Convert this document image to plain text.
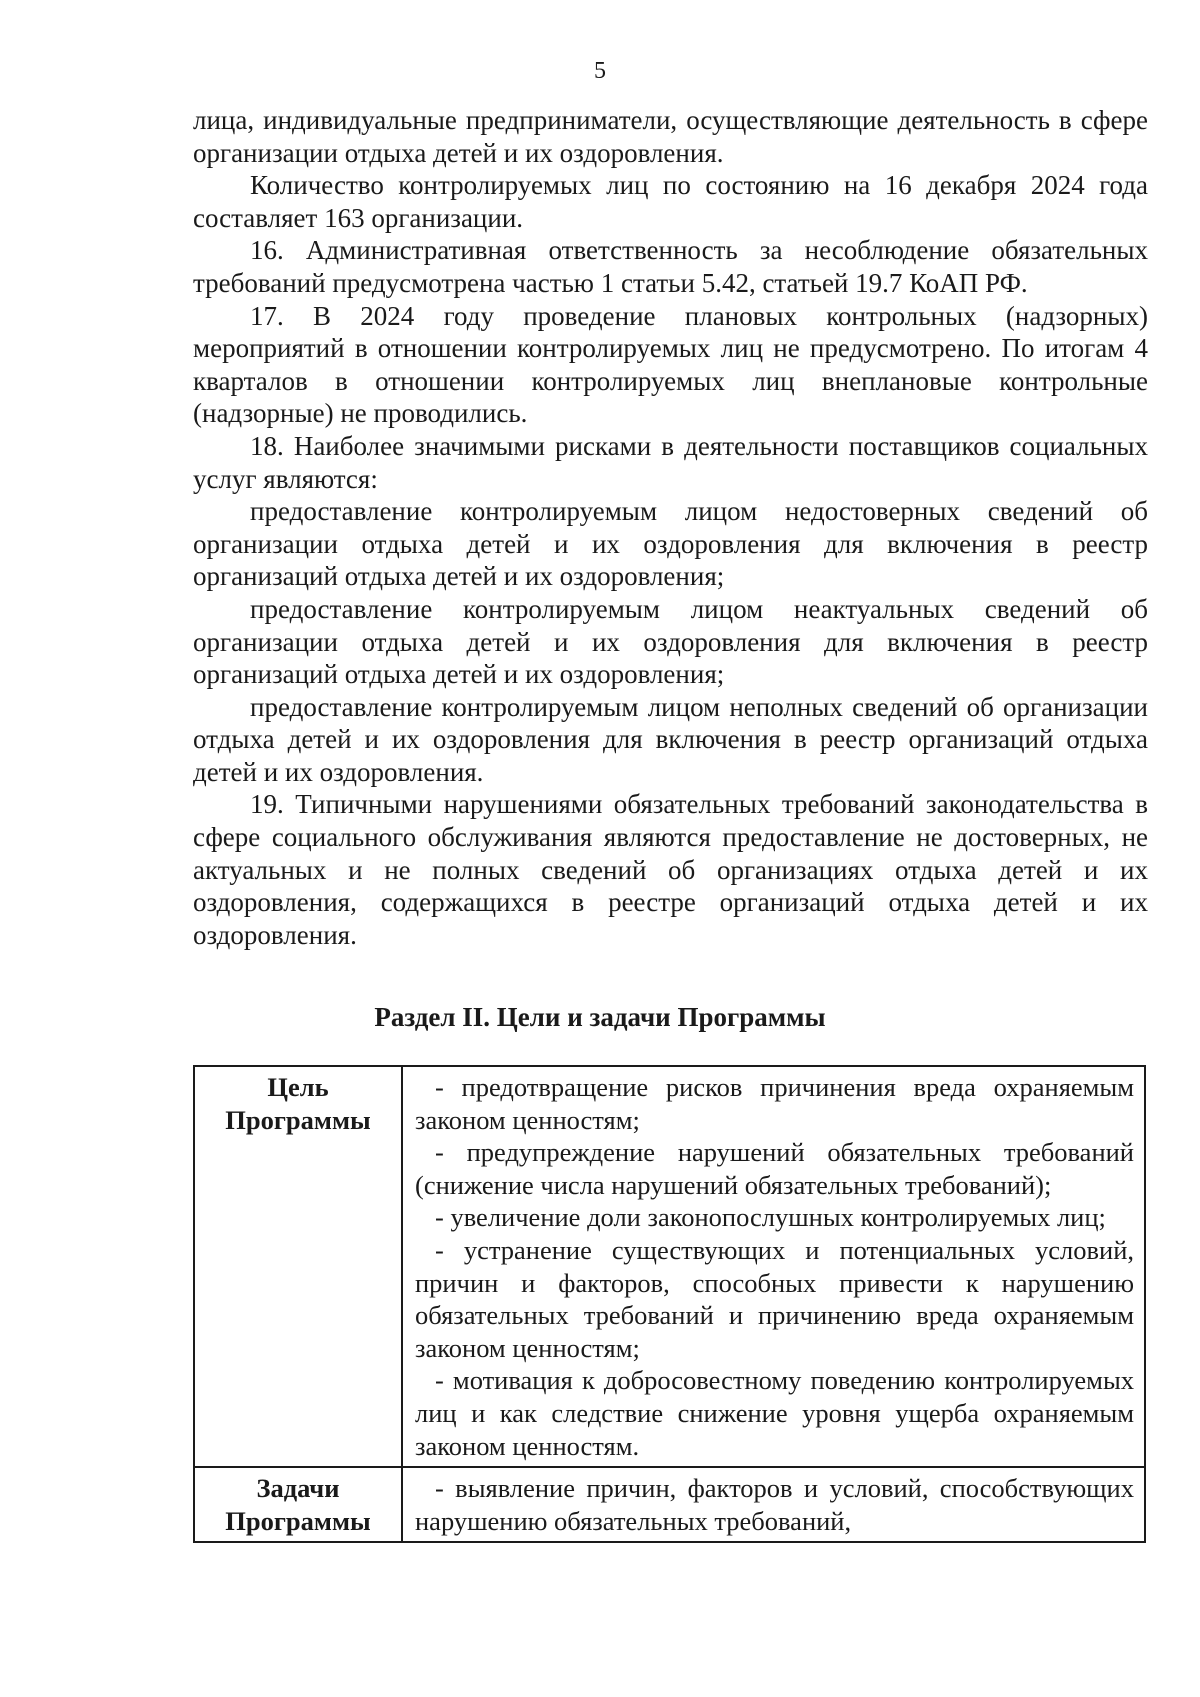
5

лица, индивидуальные предприниматели, осуществляющие деятельность в сфере организации отдыха детей и их оздоровления.

Количество контролируемых лиц по состоянию на 16 декабря 2024 года составляет 163 организации.

16. Административная ответственность за несоблюдение обязательных требований предусмотрена частью 1 статьи 5.42, статьей 19.7 КоАП РФ.

17. В 2024 году проведение плановых контрольных (надзорных) мероприятий в отношении контролируемых лиц не предусмотрено. По итогам 4 кварталов в отношении контролируемых лиц внеплановые контрольные (надзорные) не проводились.

18. Наиболее значимыми рисками в деятельности поставщиков социальных услуг являются:

предоставление контролируемым лицом недостоверных сведений об организации отдыха детей и их оздоровления для включения в реестр организаций отдыха детей и их оздоровления;

предоставление контролируемым лицом неактуальных сведений об организации отдыха детей и их оздоровления для включения в реестр организаций отдыха детей и их оздоровления;

предоставление контролируемым лицом неполных сведений об организации отдыха детей и их оздоровления для включения в реестр организаций отдыха детей и их оздоровления.

19. Типичными нарушениями обязательных требований законодательства в сфере социального обслуживания являются предоставление не достоверных, не актуальных и не полных сведений об организациях отдыха детей и их оздоровления, содержащихся в реестре организаций отдыха детей и их оздоровления.

Раздел II. Цели и задачи Программы
Цель Программы	- предотвращение рисков причинения вреда охраняемым законом ценностям;

- предупреждение нарушений обязательных требований (снижение числа нарушений обязательных требований);

- увеличение доли законопослушных контролируемых лиц;

- устранение существующих и потенциальных условий, причин и факторов, способных привести к нарушению обязательных требований и причинению вреда охраняемым законом ценностям;

- мотивация к добросовестному поведению контролируемых лиц и как следствие снижение уровня ущерба охраняемым законом ценностям.

Задачи Программы	- выявление причин, факторов и условий, способствующих нарушению обязательных требований,
